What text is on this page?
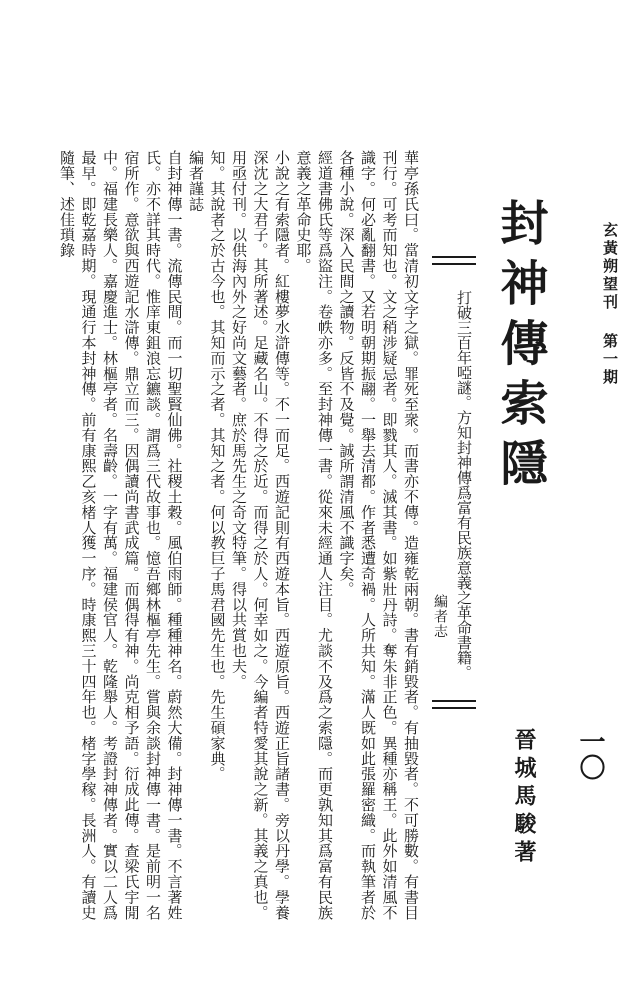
玄黃朔望刊 第一期
封神傳索隱
打破三百年啞謎。方知封神傳爲富有民族意義之革命書籍。
編者志
一〇
晉城馬駿著

華亭孫氏曰。當清初文字之獄。罪死至衆。而書亦不傳。造雍乾兩朝。書有銷毀者。有抽毀者。不可勝數。有書目刊行。可考而知也。文之稍涉疑忌者。即戮其人。滅其書。如紫壯丹詩。奪朱非正色。異種亦稱王。此外如清風不識字。何必亂翻書。又若明朝期振翮。一舉去清都。作者悉遭奇禍。人所共知。滿人既如此張羅密織。而執筆者於各種小說。深入民間之讀物。反皆不及覺。誠所謂清風不識字矣。

經道書佛氏等爲盜注。卷帙亦多。至封神傳一書。從來未經通人注目。尤談不及爲之索隱。而更孰知其爲富有民族意義之革命史耶。

小說之有索隱者。紅樓夢水滸傳等。不一而足。西遊記則有西遊本旨。西遊原旨。西遊正旨諸書。旁以丹學。學養深沈之大君子。其所著述。足藏名山。不得之於近。而得之於人。何幸如之。今編者特愛其說之新。其義之真也。用亟付刊。以供海內外之好尚文藝者。庶於馬先生之奇文特筆。得以共賞也夫。

知。其說者之於古今也。其知而示之者。其知之者。何以教巨子馬君國先生也。先生碩家典。

編者謹誌

自封神傳一書。流傳民間。而一切聖賢仙佛。社稷土穀。風伯雨師。種種神名。蔚然大備。封神傳一書。不言著姓氏。亦不詳其時代。惟庠東鉏浪忘鑣談。謂爲三代故事也。憶吾鄉林樞亭先生。嘗與余談封神傳一書。是前明一名宿所作。意欲與西遊記水滸傳。鼎立而三。因偶讀尚書武成篇。而偶得有神。尚克相予語。衍成此傳。查梁氏宇閒中。福建長樂人。嘉慶進士。林樞亭者。名壽齡。一字有萬。福建侯官人。乾隆舉人。考證封神傳者。實以二人爲最早。即乾嘉時期。現通行本封神傳。前有康熙乙亥楮人獲一序。時康熙三十四年也。楮字學稼。長洲人。有讀史隨筆、述佳瑣錄
